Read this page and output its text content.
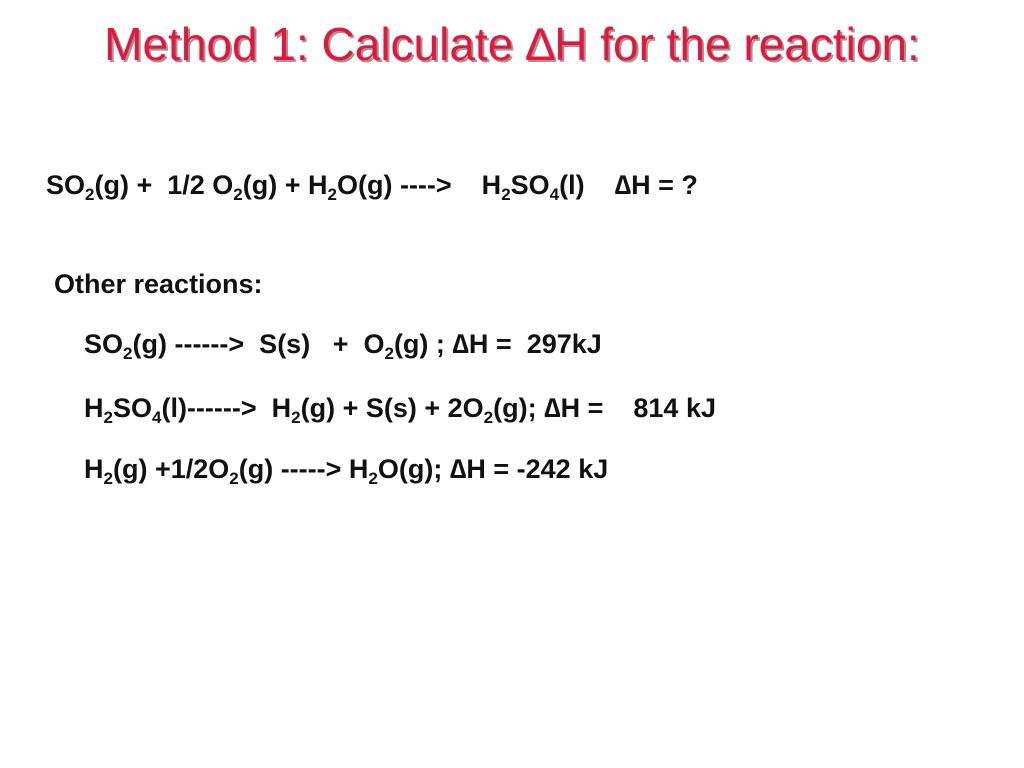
Method 1: Calculate ∆H for the reaction:
$SO_2(g) + 1/2$ $O_2(g) + H_2O(g)$ ---->    $H_2SO_4(l)$    ∆H = ?
Other reactions:
$SO_2(g)$ ------>  $S(s) + O_2(g)$ ; ∆H =  297kJ
$H_2SO_4(l)------> H_2(g) + S(s) + 2O_2(g)$; ∆H =    814 kJ
$H_2(g) +1/2O_2(g)$ -----> $H_2O(g)$; ∆H = -242 kJ
